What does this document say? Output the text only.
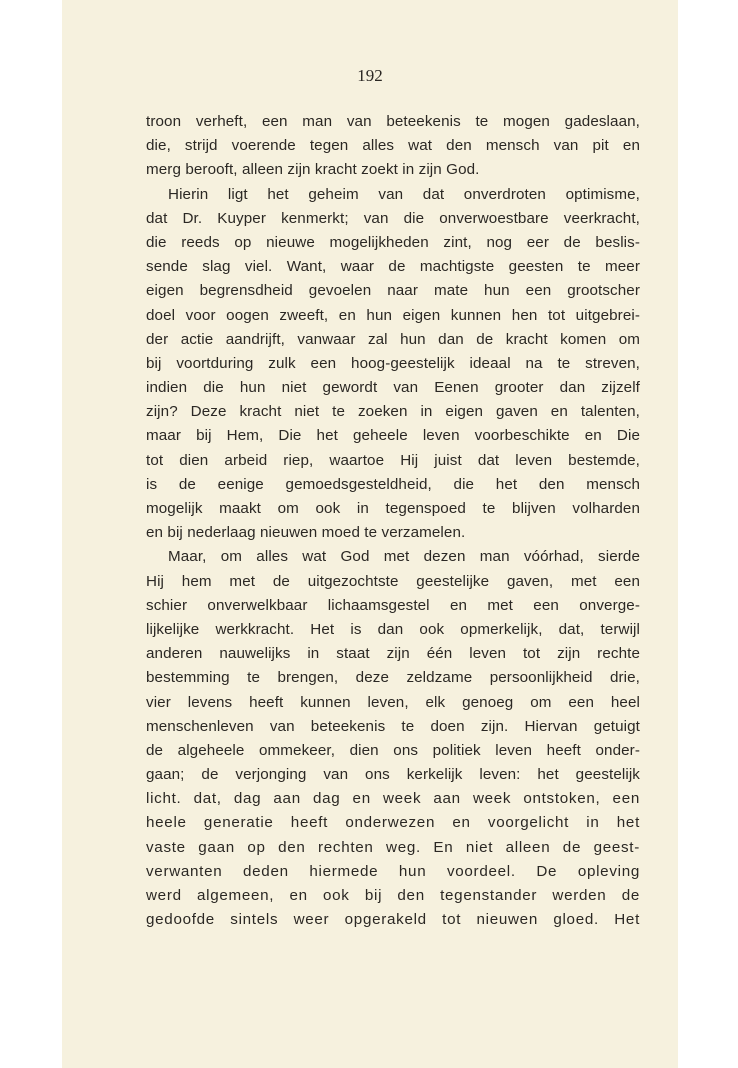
192
troon verheft, een man van beteekenis te mogen gadeslaan,
die, strijd voerende tegen alles wat den mensch van pit en
merg berooft, alleen zijn kracht zoekt in zijn God.
Hierin ligt het geheim van dat onverdroten optimisme,
dat Dr. Kuyper kenmerkt; van die onverwoestbare veerkracht,
die reeds op nieuwe mogelijkheden zint, nog eer de beslis-
sende slag viel. Want, waar de machtigste geesten te meer
eigen begrensdheid gevoelen naar mate hun een grootscher
doel voor oogen zweeft, en hun eigen kunnen hen tot uitgebrei-
der actie aandrijft, vanwaar zal hun dan de kracht komen om
bij voortduring zulk een hoog-geestelijk ideaal na te streven,
indien die hun niet gewordt van Eenen grooter dan zijzelf
zijn? Deze kracht niet te zoeken in eigen gaven en talenten,
maar bij Hem, Die het geheele leven voorbeschikte en Die
tot dien arbeid riep, waartoe Hij juist dat leven bestemde,
is de eenige gemoedsgesteldheid, die het den mensch
mogelijk maakt om ook in tegenspoed te blijven volharden
en bij nederlaag nieuwen moed te verzamelen.
Maar, om alles wat God met dezen man vóórhad, sierde
Hij hem met de uitgezochtste geestelijke gaven, met een
schier onverwelkbaar lichaamsgestel en met een onverge-
lijkelijke werkkracht. Het is dan ook opmerkelijk, dat, terwijl
anderen nauwelijks in staat zijn één leven tot zijn rechte
bestemming te brengen, deze zeldzame persoonlijkheid drie,
vier levens heeft kunnen leven, elk genoeg om een heel
menschenleven van beteekenis te doen zijn. Hiervan getuigt
de algeheele ommekeer, dien ons politiek leven heeft onder-
gaan; de verjonging van ons kerkelijk leven: het geestelijk
licht. dat, dag aan dag en week aan week ontstoken, een
heele generatie heeft onderwezen en voorgelicht in het
vaste gaan op den rechten weg. En niet alleen de geest-
verwanten deden hiermede hun voordeel. De opleving
werd algemeen, en ook bij den tegenstander werden de
gedoofde sintels weer opgerakeld tot nieuwen gloed. Het
